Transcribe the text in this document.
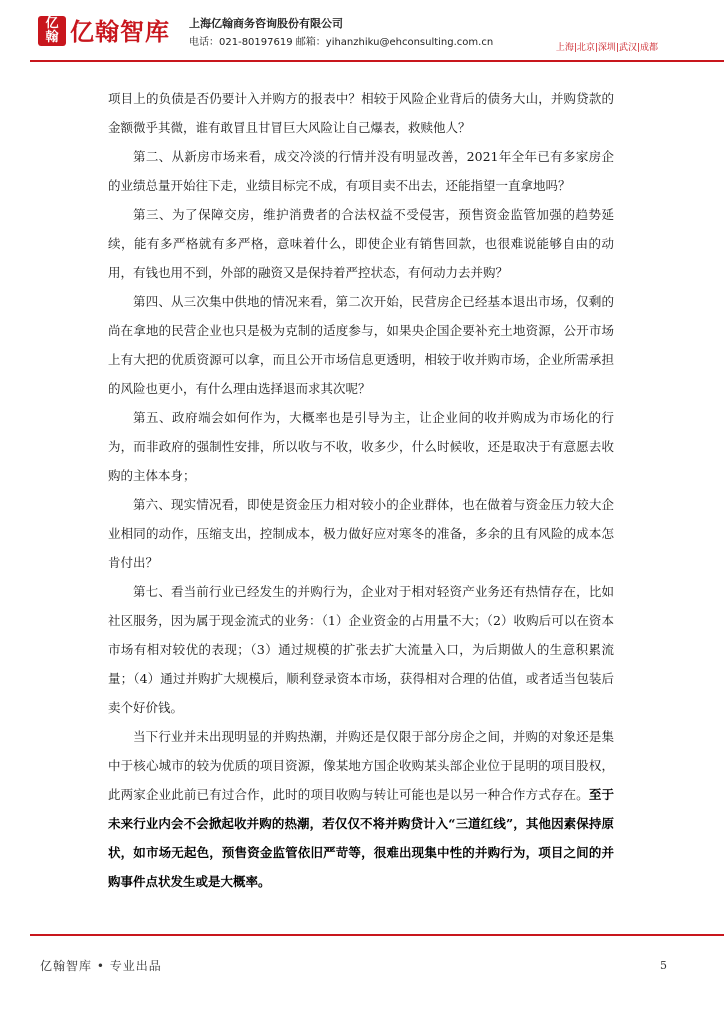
亿
翰 亿翰智库 上海亿翰商务咨询股份有限公司
电话：021-80197619 邮箱：yihanzhiku@ehconsulting.com.cn	上海|北京|深圳|武汉|成都

项目上的负债是否仍要计入并购方的报表中？相较于风险企业背后的债务大山，并购贷款的金额微乎其微，谁有敢冒且甘冒巨大风险让自己爆表，救赎他人？

第二、从新房市场来看，成交冷淡的行情并没有明显改善，2021年全年已有多家房企的业绩总量开始往下走，业绩目标完不成，有项目卖不出去，还能指望一直拿地吗？

第三、为了保障交房，维护消费者的合法权益不受侵害，预售资金监管加强的趋势延续，能有多严格就有多严格，意味着什么，即使企业有销售回款，也很难说能够自由的动用，有钱也用不到，外部的融资又是保持着严控状态，有何动力去并购？

第四、从三次集中供地的情况来看，第二次开始，民营房企已经基本退出市场，仅剩的尚在拿地的民营企业也只是极为克制的适度参与，如果央企国企要补充土地资源，公开市场上有大把的优质资源可以拿，而且公开市场信息更透明，相较于收并购市场，企业所需承担的风险也更小，有什么理由选择退而求其次呢？

第五、政府端会如何作为，大概率也是引导为主，让企业间的收并购成为市场化的行为，而非政府的强制性安排，所以收与不收，收多少，什么时候收，还是取决于有意愿去收购的主体本身；

第六、现实情况看，即使是资金压力相对较小的企业群体，也在做着与资金压力较大企业相同的动作，压缩支出，控制成本，极力做好应对寒冬的准备，多余的且有风险的成本怎肯付出？

第七、看当前行业已经发生的并购行为，企业对于相对轻资产业务还有热情存在，比如社区服务，因为属于现金流式的业务：（1）企业资金的占用量不大；（2）收购后可以在资本市场有相对较优的表现；（3）通过规模的扩张去扩大流量入口，为后期做人的生意积累流量；（4）通过并购扩大规模后，顺利登录资本市场，获得相对合理的估值，或者适当包装后卖个好价钱。

当下行业并未出现明显的并购热潮，并购还是仅限于部分房企之间，并购的对象还是集中于核心城市的较为优质的项目资源，像某地方国企收购某头部企业位于昆明的项目股权，此两家企业此前已有过合作，此时的项目收购与转让可能也是以另一种合作方式存在。至于未来行业内会不会掀起收并购的热潮，若仅仅不将并购贷计入“三道红线”，其他因素保持原状，如市场无起色，预售资金监管依旧严苛等，很难出现集中性的并购行为，项目之间的并购事件点状发生或是大概率。

亿翰智库 • 专业出品	5
